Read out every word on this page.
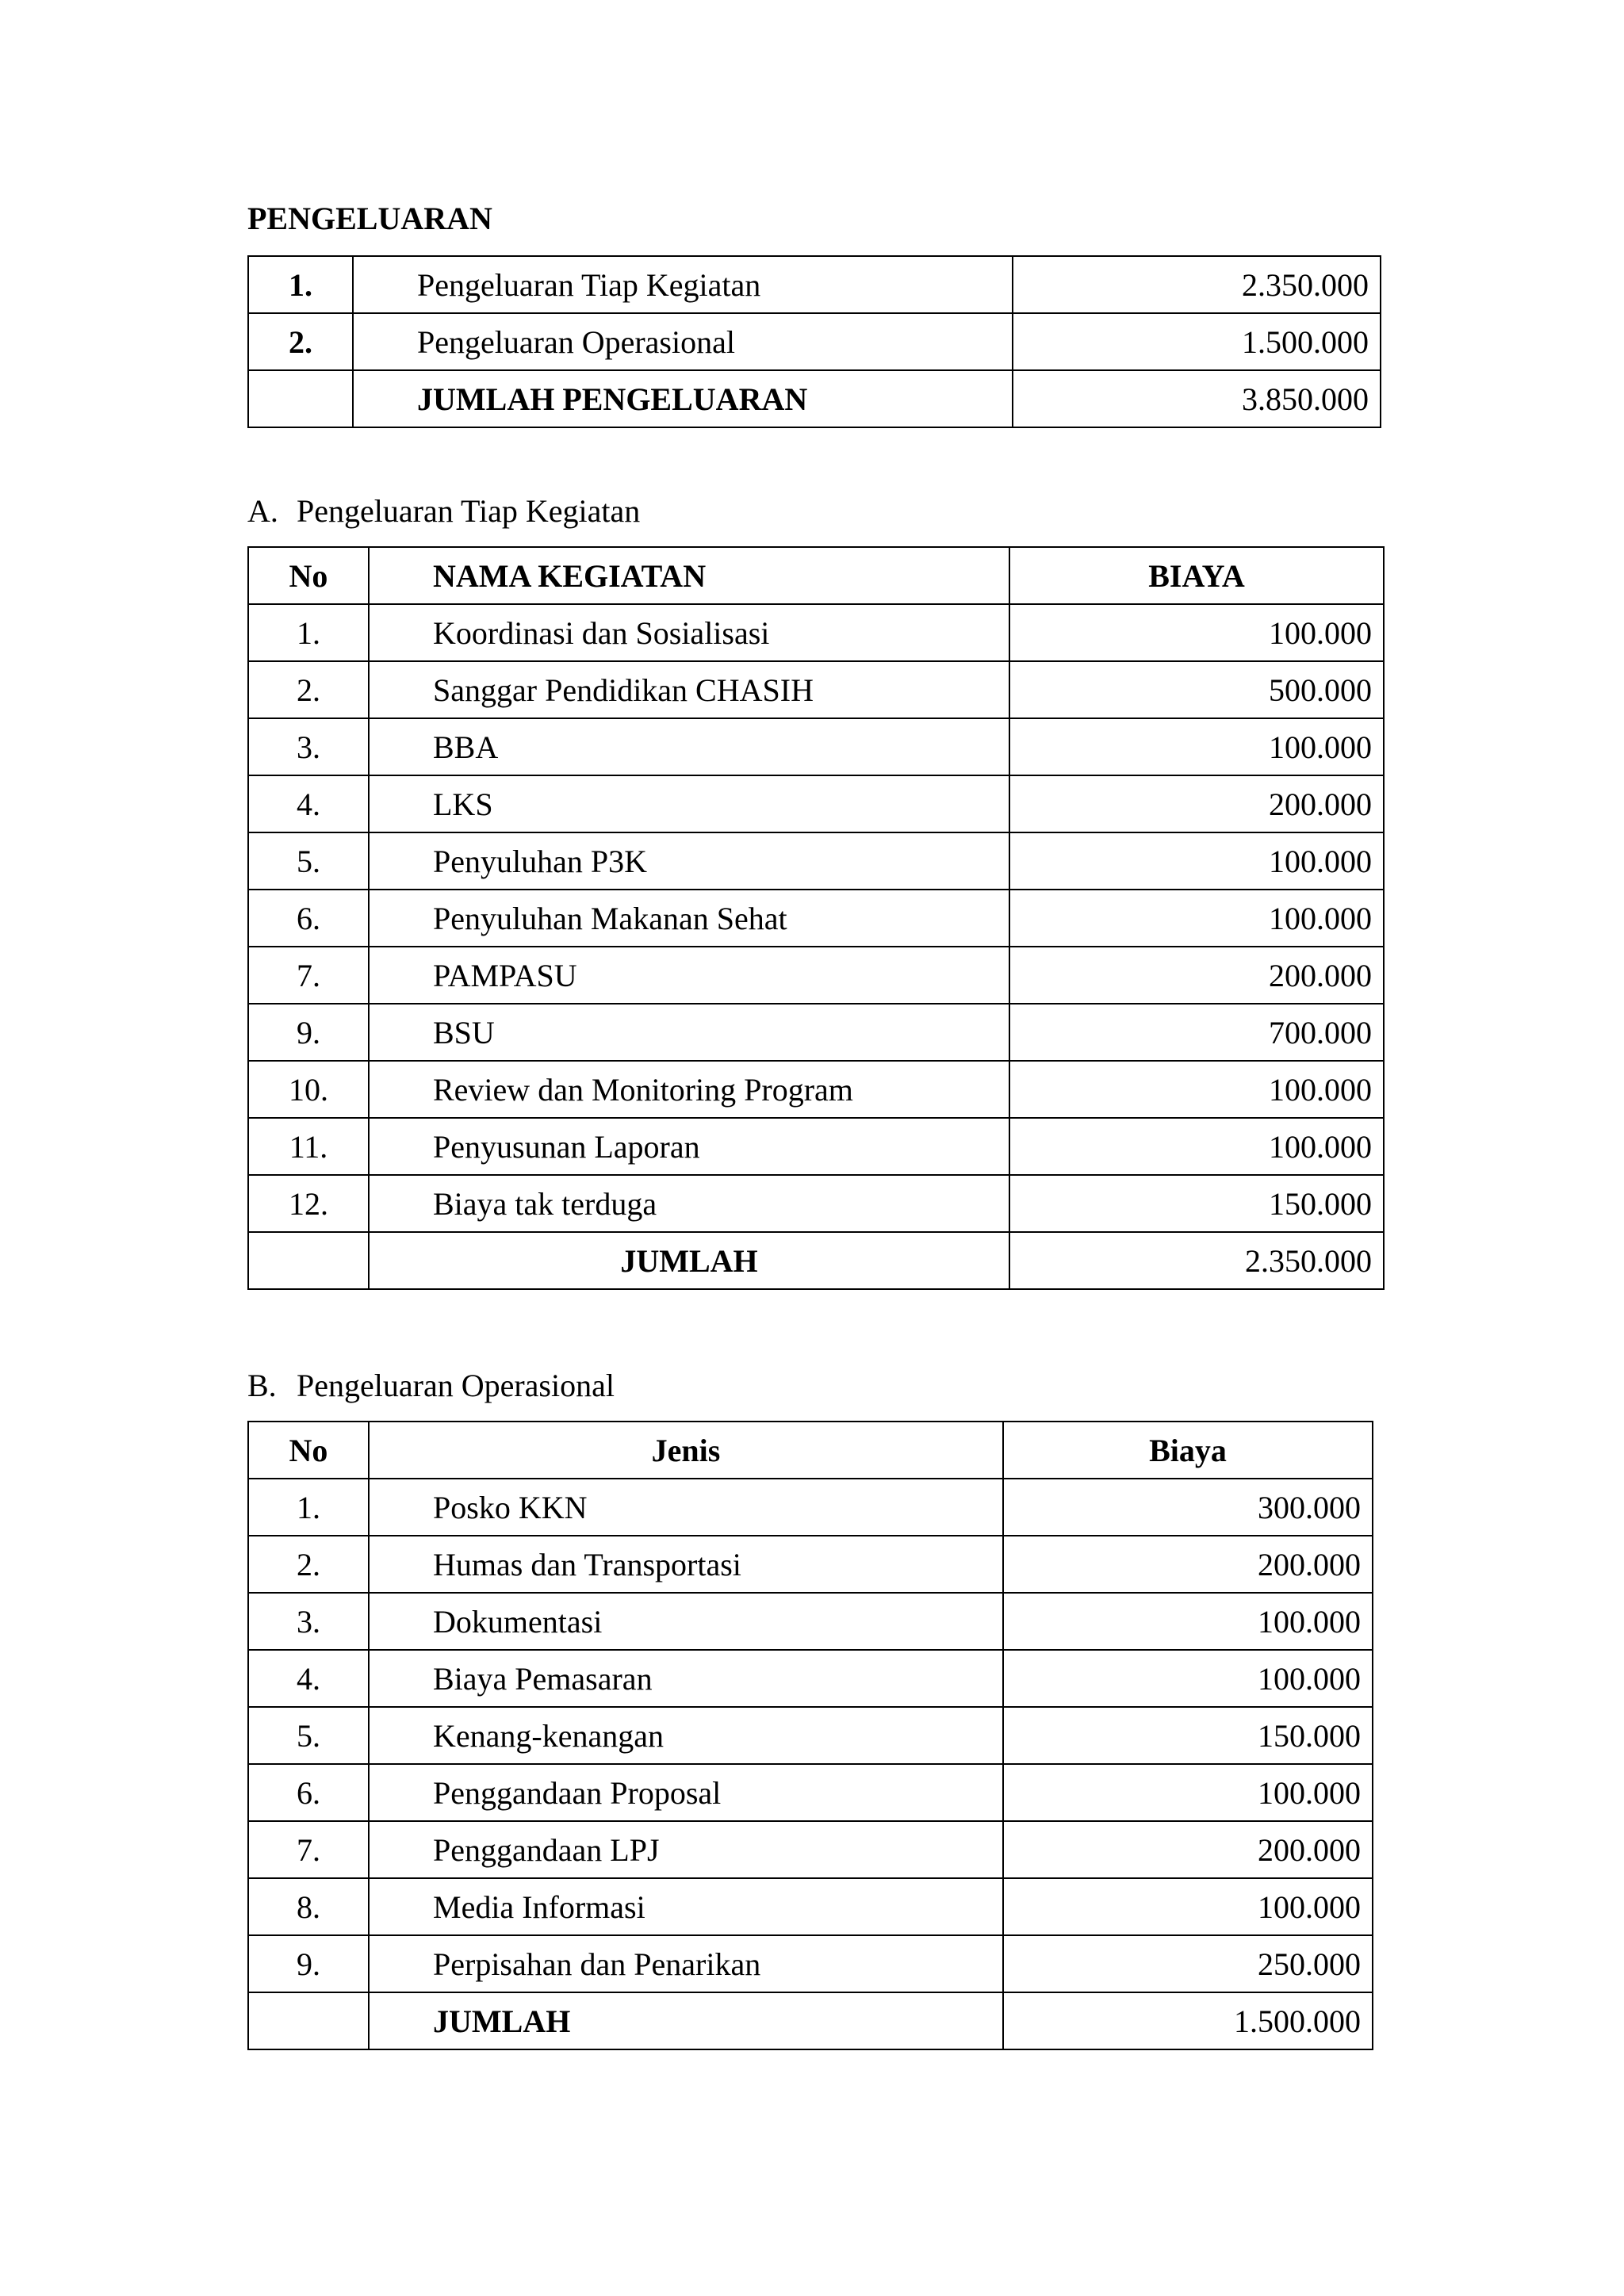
PENGELUARAN
1.	Pengeluaran Tiap Kegiatan	2.350.000
2.	Pengeluaran Operasional	1.500.000
	JUMLAH PENGELUARAN	3.850.000
A. Pengeluaran Tiap Kegiatan
No	NAMA KEGIATAN	BIAYA
1.	Koordinasi dan Sosialisasi	100.000
2.	Sanggar Pendidikan CHASIH	500.000
3.	BBA	100.000
4.	LKS	200.000
5.	Penyuluhan P3K	100.000
6.	Penyuluhan Makanan Sehat	100.000
7.	PAMPASU	200.000
9.	BSU	700.000
10.	Review dan Monitoring Program	100.000
11.	Penyusunan Laporan	100.000
12.	Biaya tak terduga	150.000
	JUMLAH	2.350.000
B. Pengeluaran Operasional
No	Jenis	Biaya
1.	Posko KKN	300.000
2.	Humas dan Transportasi	200.000
3.	Dokumentasi	100.000
4.	Biaya Pemasaran	100.000
5.	Kenang-kenangan	150.000
6.	Penggandaan Proposal	100.000
7.	Penggandaan LPJ	200.000
8.	Media Informasi	100.000
9.	Perpisahan dan Penarikan	250.000
	JUMLAH	1.500.000
